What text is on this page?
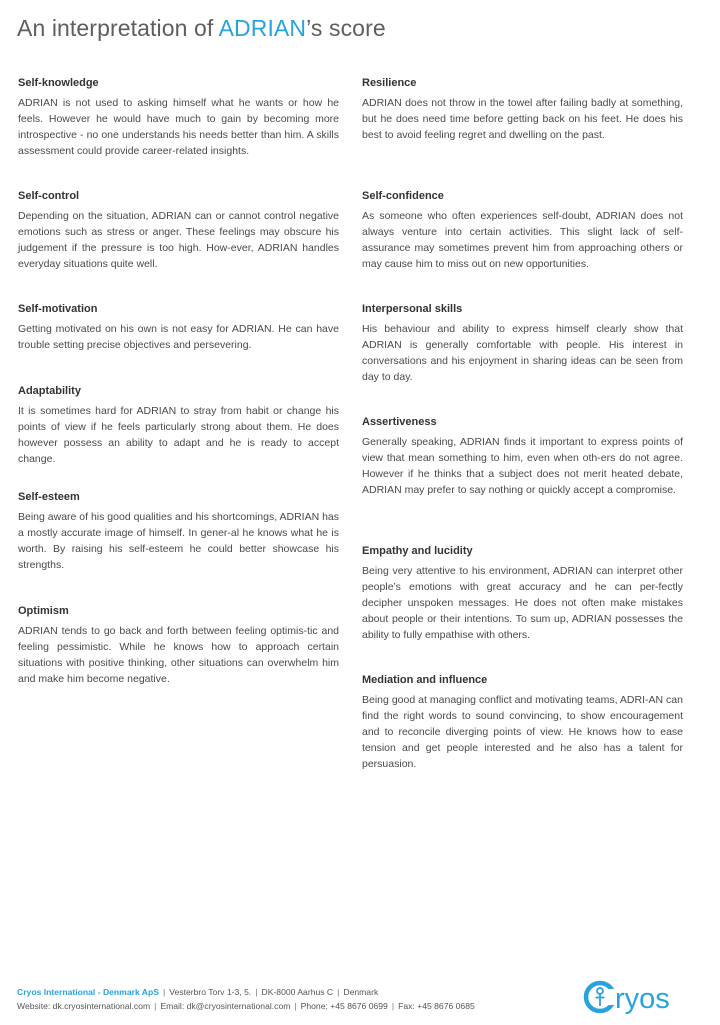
An interpretation of ADRIAN’s score
Self-knowledge

ADRIAN is not used to asking himself what he wants or how he feels. However he would have much to gain by becoming more introspective - no one understands his needs better than him. A skills assessment could provide career-related insights.

Self-control

Depending on the situation, ADRIAN can or cannot control negative emotions such as stress or anger. These feelings may obscure his judgement if the pressure is too high. How-ever, ADRIAN handles everyday situations quite well.

Self-motivation

Getting motivated on his own is not easy for ADRIAN. He can have trouble setting precise objectives and persevering.

Adaptability

It is sometimes hard for ADRIAN to stray from habit or change his points of view if he feels particularly strong about them. He does however possess an ability to adapt and he is ready to accept change.

Self-esteem

Being aware of his good qualities and his shortcomings, ADRIAN has a mostly accurate image of himself. In gener-al he knows what he is worth. By raising his self-esteem he could better showcase his strengths.

Optimism

ADRIAN tends to go back and forth between feeling optimis-tic and feeling pessimistic. While he knows how to approach certain situations with positive thinking, other situations can overwhelm him and make him become negative.

Resilience

ADRIAN does not throw in the towel after failing badly at something, but he does need time before getting back on his feet. He does his best to avoid feeling regret and dwelling on the past.

Self-confidence

As someone who often experiences self-doubt, ADRIAN does not always venture into certain activities. This slight lack of self-assurance may sometimes prevent him from approaching others or may cause him to miss out on new opportunities.

Interpersonal skills

His behaviour and ability to express himself clearly show that ADRIAN is generally comfortable with people. His interest in conversations and his enjoyment in sharing ideas can be seen from day to day.

Assertiveness

Generally speaking, ADRIAN finds it important to express points of view that mean something to him, even when oth-ers do not agree. However if he thinks that a subject does not merit heated debate, ADRIAN may prefer to say nothing or quickly accept a compromise.

Empathy and lucidity

Being very attentive to his environment, ADRIAN can interpret other people’s emotions with great accuracy and he can per-fectly decipher unspoken messages. He does not often make mistakes about people or their intentions. To sum up, ADRIAN possesses the ability to fully empathise with others.

Mediation and influence

Being good at managing conflict and motivating teams, ADRI-AN can find the right words to sound convincing, to show encouragement and to reconcile diverging points of view. He knows how to ease tension and get people interested and he also has a talent for persuasion.

Cryos International - Denmark ApS | Vesterbro Torv 1-3, 5. | DK-8000 Aarhus C | Denmark
Website: dk.cryosinternational.com | Email: dk@cryosinternational.com | Phone: +45 8676 0699 | Fax: +45 8676 0685	ryos
